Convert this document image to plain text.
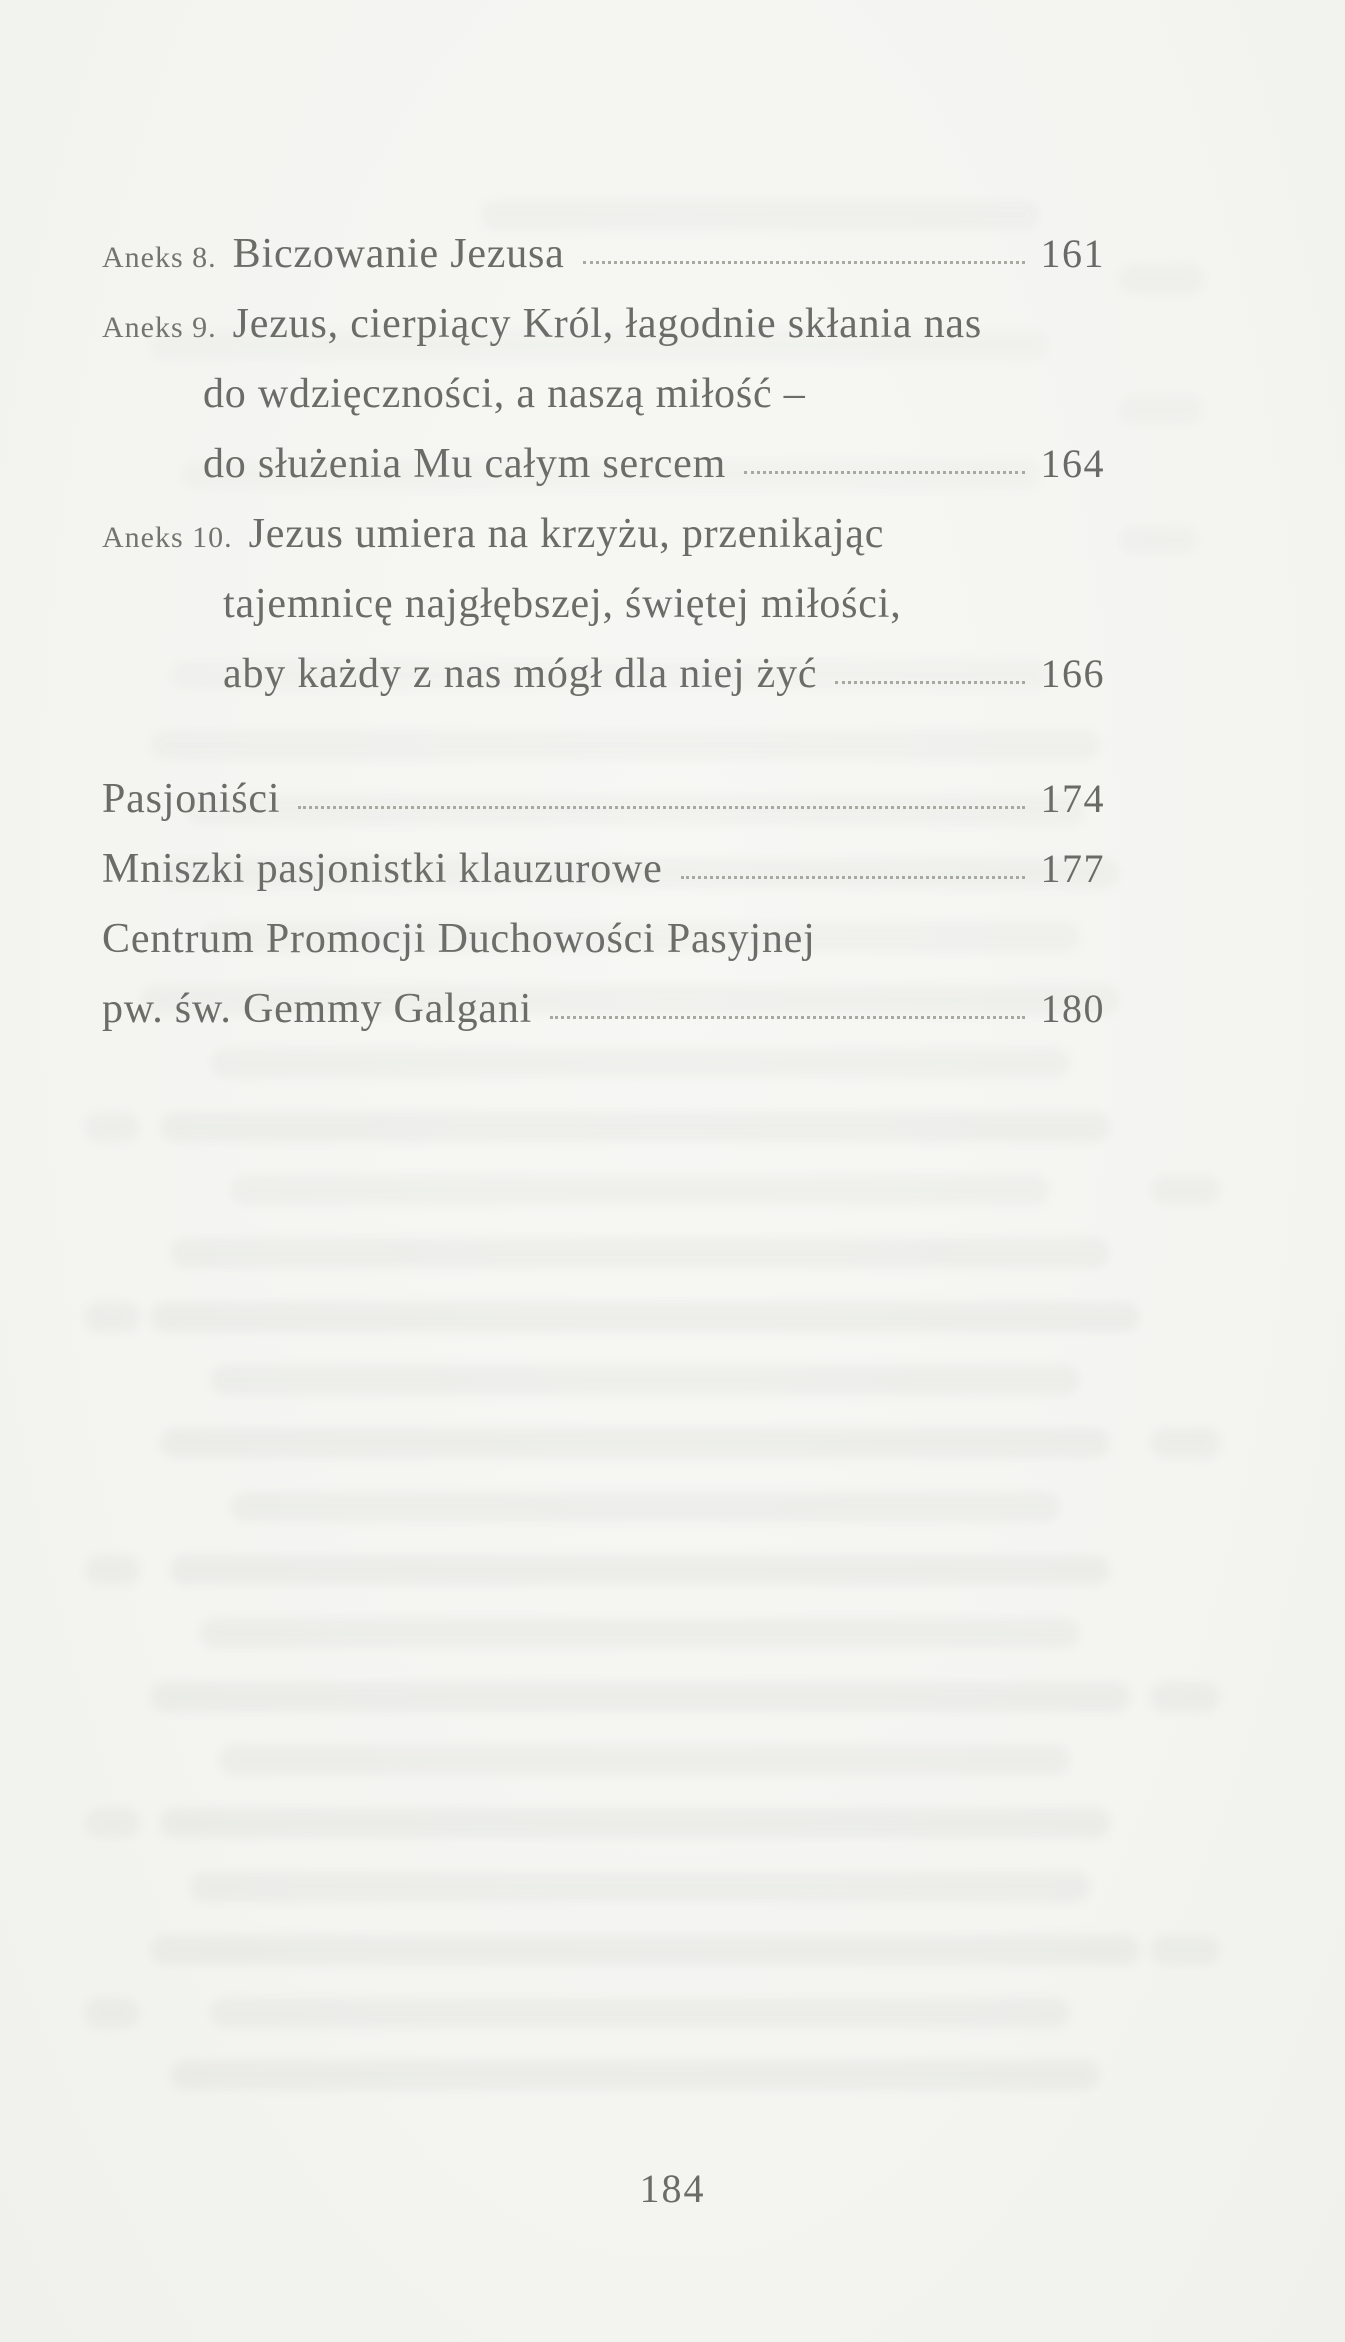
Aneks 8. Biczowanie Jezusa	161
Aneks 9. Jezus, cierpiący Król, łagodnie skłania nas
do wdzięczności, a naszą miłość –
do służenia Mu całym sercem	164
Aneks 10. Jezus umiera na krzyżu, przenikając
tajemnicę najgłębszej, świętej miłości,
aby każdy z nas mógł dla niej żyć	166
Pasjoniści	174
Mniszki pasjonistki klauzurowe	177
Centrum Promocji Duchowości Pasyjnej
pw. św. Gemmy Galgani	180
184
